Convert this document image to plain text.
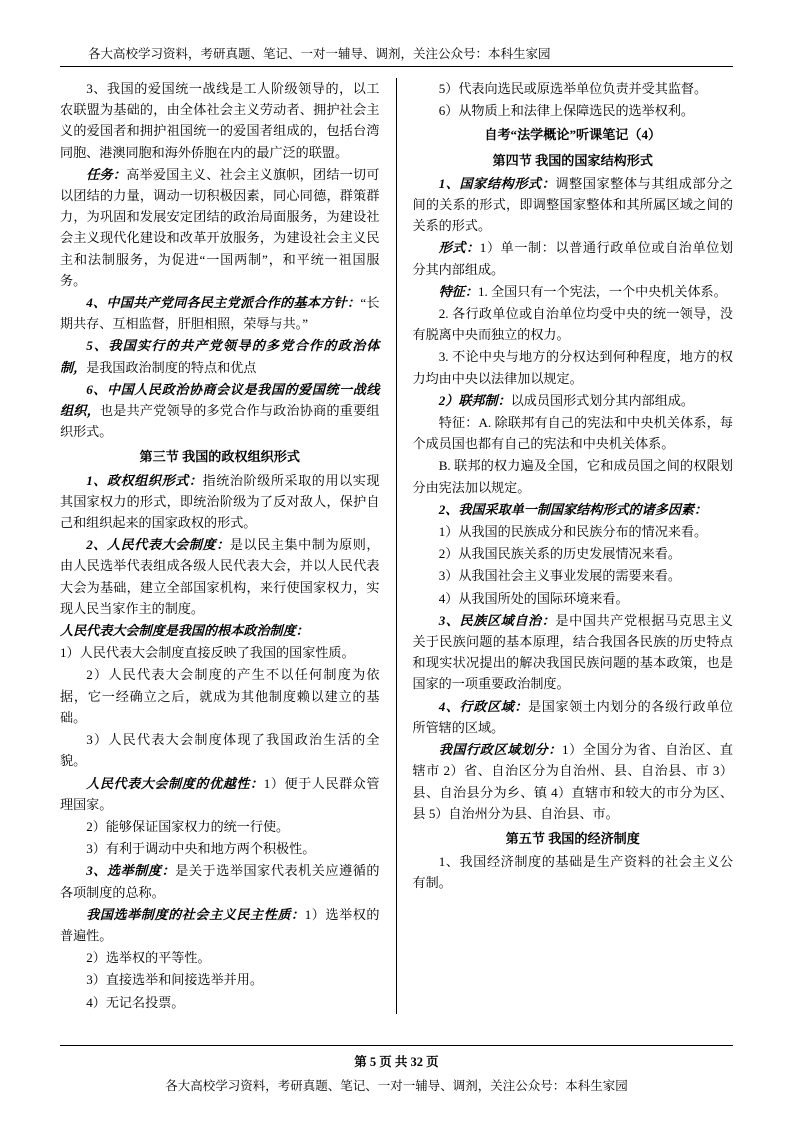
各大高校学习资料，考研真题、笔记、一对一辅导、调剂，关注公众号：本科生家园

3、我国的爱国统一战线是工人阶级领导的，以工农联盟为基础的，由全体社会主义劳动者、拥护社会主义的爱国者和拥护祖国统一的爱国者组成的，包括台湾同胞、港澳同胞和海外侨胞在内的最广泛的联盟。

任务：高举爱国主义、社会主义旗帜，团结一切可以团结的力量，调动一切积极因素，同心同德，群策群力，为巩固和发展安定团结的政治局面服务，为建设社会主义现代化建设和改革开放服务，为建设社会主义民主和法制服务，为促进“一国两制”，和平统一祖国服务。

4、中国共产党同各民主党派合作的基本方针：“长期共存、互相监督，肝胆相照，荣辱与共。”

5、我国实行的共产党领导的多党合作的政治体制，是我国政治制度的特点和优点

6、中国人民政治协商会议是我国的爱国统一战线组织，也是共产党领导的多党合作与政治协商的重要组织形式。

第三节 我国的政权组织形式

1、政权组织形式：指统治阶级所采取的用以实现其国家权力的形式，即统治阶级为了反对敌人，保护自己和组织起来的国家政权的形式。

2、人民代表大会制度：是以民主集中制为原则，由人民选举代表组成各级人民代表大会，并以人民代表大会为基础，建立全部国家机构，来行使国家权力，实现人民当家作主的制度。

人民代表大会制度是我国的根本政治制度：

1）人民代表大会制度直接反映了我国的国家性质。

2）人民代表大会制度的产生不以任何制度为依据，它一经确立之后，就成为其他制度赖以建立的基础。

3）人民代表大会制度体现了我国政治生活的全貌。

人民代表大会制度的优越性：1）便于人民群众管理国家。

2）能够保证国家权力的统一行使。

3）有利于调动中央和地方两个积极性。

3、选举制度：是关于选举国家代表机关应遵循的各项制度的总称。

我国选举制度的社会主义民主性质：1）选举权的普遍性。

2）选举权的平等性。

3）直接选举和间接选举并用。

4）无记名投票。

5）代表向选民或原选举单位负责并受其监督。

6）从物质上和法律上保障选民的选举权利。

自考“法学概论”听课笔记（4）

第四节 我国的国家结构形式

1、国家结构形式：调整国家整体与其组成部分之间的关系的形式，即调整国家整体和其所属区域之间的关系的形式。

形式：1）单一制：以普通行政单位或自治单位划分其内部组成。

特征：1. 全国只有一个宪法，一个中央机关体系。

2. 各行政单位或自治单位均受中央的统一领导，没有脱离中央而独立的权力。

3. 不论中央与地方的分权达到何种程度，地方的权力均由中央以法律加以规定。

2）联邦制：以成员国形式划分其内部组成。

特征：A. 除联邦有自己的宪法和中央机关体系，每个成员国也都有自己的宪法和中央机关体系。

B. 联邦的权力遍及全国，它和成员国之间的权限划分由宪法加以规定。

2、我国采取单一制国家结构形式的诸多因素：

1）从我国的民族成分和民族分布的情况来看。

2）从我国民族关系的历史发展情况来看。

3）从我国社会主义事业发展的需要来看。

4）从我国所处的国际环境来看。

3、民族区域自治：是中国共产党根据马克思主义关于民族问题的基本原理，结合我国各民族的历史特点和现实状况提出的解决我国民族问题的基本政策，也是国家的一项重要政治制度。

4、行政区域：是国家领土内划分的各级行政单位所管辖的区域。

我国行政区域划分：1）全国分为省、自治区、直辖市 2）省、自治区分为自治州、县、自治县、市 3）县、自治县分为乡、镇 4）直辖市和较大的市分为区、县 5）自治州分为县、自治县、市。

第五节 我国的经济制度

1、我国经济制度的基础是生产资料的社会主义公有制。

第 5 页 共 32 页
各大高校学习资料，考研真题、笔记、一对一辅导、调剂，关注公众号：本科生家园
